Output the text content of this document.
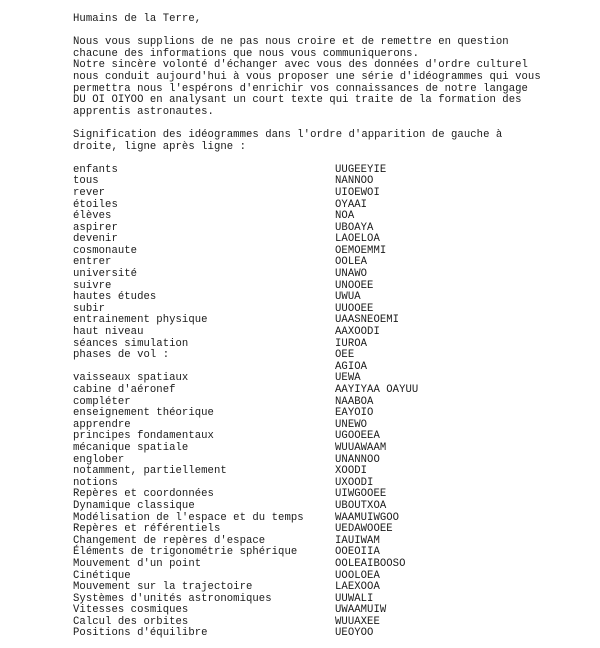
Humains de la Terre,
Nous vous supplions de ne pas nous croire et de remettre en question
chacune des informations que nous vous communiquerons.
Notre sincère volonté d'échanger avec vous des données d'ordre culturel
nous conduit aujourd'hui à vous proposer une série d'idéogrammes qui vous
permettra nous l'espérons d'enrichir vos connaissances de notre langage
DU OI OIYOO en analysant un court texte qui traite de la formation des
apprentis astronautes.
Signification des idéogrammes dans l'ordre d'apparition de gauche à
droite, ligne après ligne :
enfants	UUGEEYIE
tous	NANNOO
rever	UIOEWOI
étoiles	OYAAI
élèves	NOA
aspirer	UBOAYA
devenir	LAOELOA
cosmonaute	OEMOEMMI
entrer	OOLEA
université	UNAWO
suivre	UNOOEE
hautes études	UWUA
subir	UUOOEE
entrainement physique	UAASNEOEMI
haut niveau	AAXOODI
séances simulation	IUROA
phases de vol :	OEE
AGIOA
vaisseaux spatiaux	UEWA
cabine d'aéronef	AAYIYAA OAYUU
compléter	NAABOA
enseignement théorique	EAYOIO
apprendre	UNEWO
principes fondamentaux	UGOOEEA
mécanique spatiale	WUUAWAAM
englober	UNANNOO
notamment, partiellement	XOODI
notions	UXOODI
Repères et coordonnées	UIWGOOEE
Dynamique classique	UBOUTXOA
Modélisation de l'espace et du temps	WAAMUIWGOO
Repères et référentiels	UEDAWOOEE
Changement de repères d'espace	IAUIWAM
Éléments de trigonométrie sphérique	OOEOIIA
Mouvement d'un point	OOLEAIBOOSO
Cinétique	UOOLOEA
Mouvement sur la trajectoire	LAEXOOA
Systèmes d'unités astronomiques	UUWALI
Vitesses cosmiques	UWAAMUIW
Calcul des orbites	WUUAXEE
Positions d'équilibre	UEOYOO
